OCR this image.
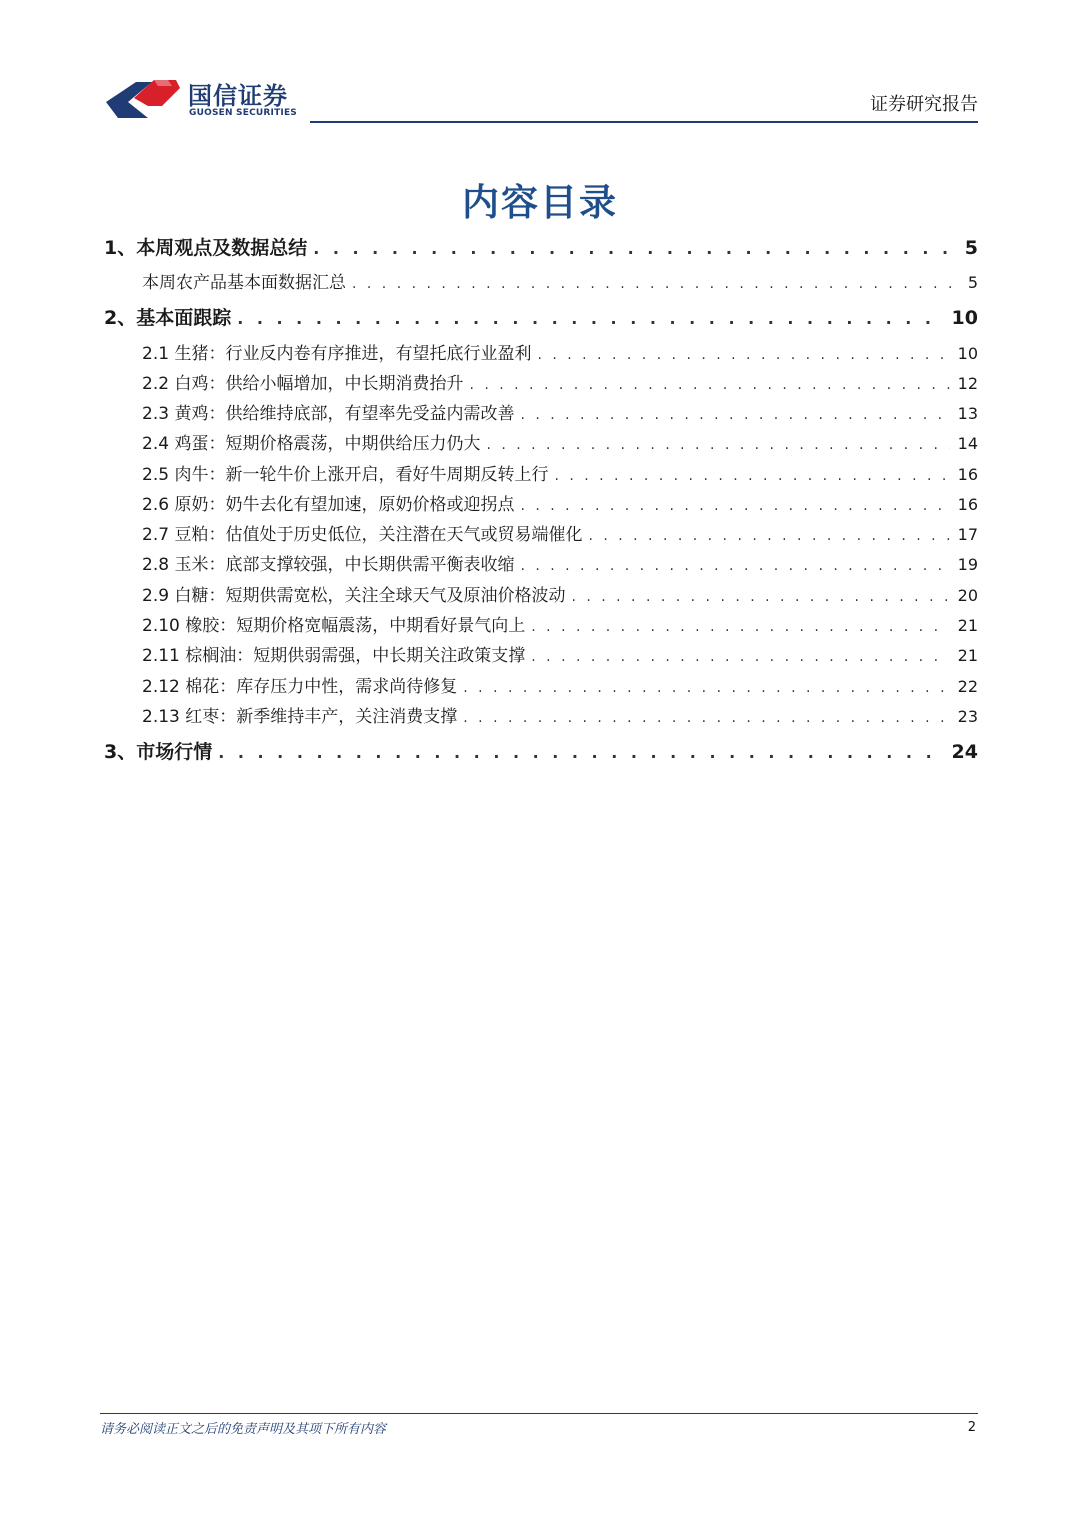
国信证券
GUOSEN SECURITIES	证券研究报告
内容目录
1、本周观点及数据总结 . . .	5
本周农产品基本面数据汇总 . . .	5
2、基本面跟踪 . . .	10
2.1 生猪：行业反内卷有序推进，有望托底行业盈利 . . .	10
2.2 白鸡：供给小幅增加，中长期消费抬升 . . .	12
2.3 黄鸡：供给维持底部，有望率先受益内需改善 . . .	13
2.4 鸡蛋：短期价格震荡，中期供给压力仍大 . . .	14
2.5 肉牛：新一轮牛价上涨开启，看好牛周期反转上行 . . .	16
2.6 原奶：奶牛去化有望加速，原奶价格或迎拐点 . . .	16
2.7 豆粕：估值处于历史低位，关注潜在天气或贸易端催化 . . .	17
2.8 玉米：底部支撑较强，中长期供需平衡表收缩 . . .	19
2.9 白糖：短期供需宽松，关注全球天气及原油价格波动 . . .	20
2.10 橡胶：短期价格宽幅震荡，中期看好景气向上 . . .	21
2.11 棕榈油：短期供弱需强，中长期关注政策支撑 . . .	21
2.12 棉花：库存压力中性，需求尚待修复 . . .	22
2.13 红枣：新季维持丰产，关注消费支撑 . . .	23
3、市场行情 . . .	24
请务必阅读正文之后的免责声明及其项下所有内容	2
